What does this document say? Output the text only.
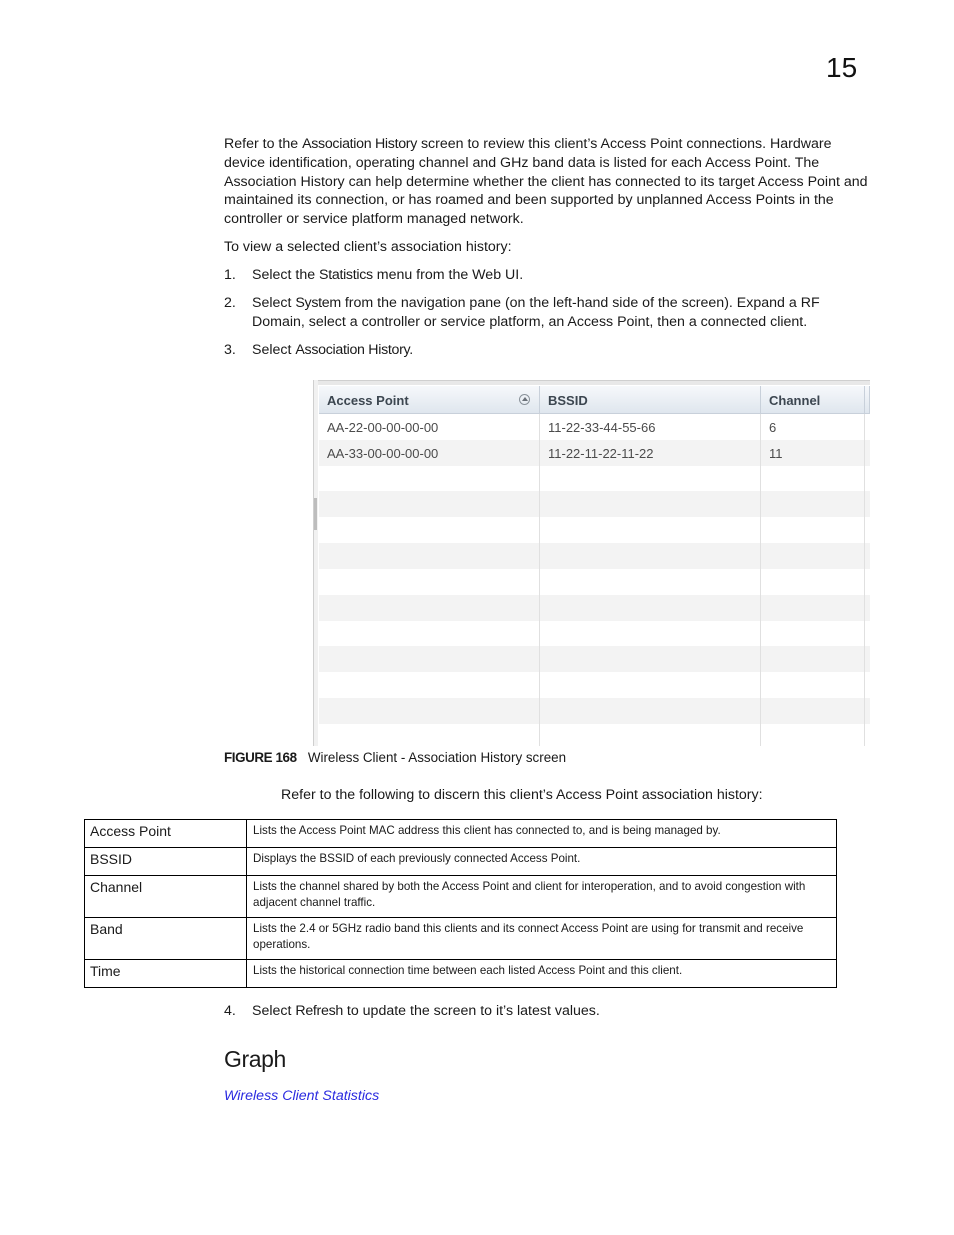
15

Refer to the Association History screen to review this client’s Access Point connections. Hardware device identification, operating channel and GHz band data is listed for each Access Point. The Association History can help determine whether the client has connected to its target Access Point and maintained its connection, or has roamed and been supported by unplanned Access Points in the controller or service platform managed network.

To view a selected client’s association history:

1. Select the Statistics menu from the Web UI.
2. Select System from the navigation pane (on the left-hand side of the screen). Expand a RF Domain, select a controller or service platform, an Access Point, then a connected client.
3. Select Association History.
Access Point	BSSID	Channel
AA-22-00-00-00-00	11-22-33-44-55-66	6
AA-33-00-00-00-00	11-22-11-22-11-22	11
FIGURE 168 Wireless Client - Association History screen

Refer to the following to discern this client’s Access Point association history:

Access Point	Lists the Access Point MAC address this client has connected to, and is being managed by.
BSSID	Displays the BSSID of each previously connected Access Point.
Channel	Lists the channel shared by both the Access Point and client for interoperation, and to avoid congestion with adjacent channel traffic.
Band	Lists the 2.4 or 5GHz radio band this clients and its connect Access Point are using for transmit and receive operations.
Time	Lists the historical connection time between each listed Access Point and this client.
4. Select Refresh to update the screen to it’s latest values.
Graph
Wireless Client Statistics
